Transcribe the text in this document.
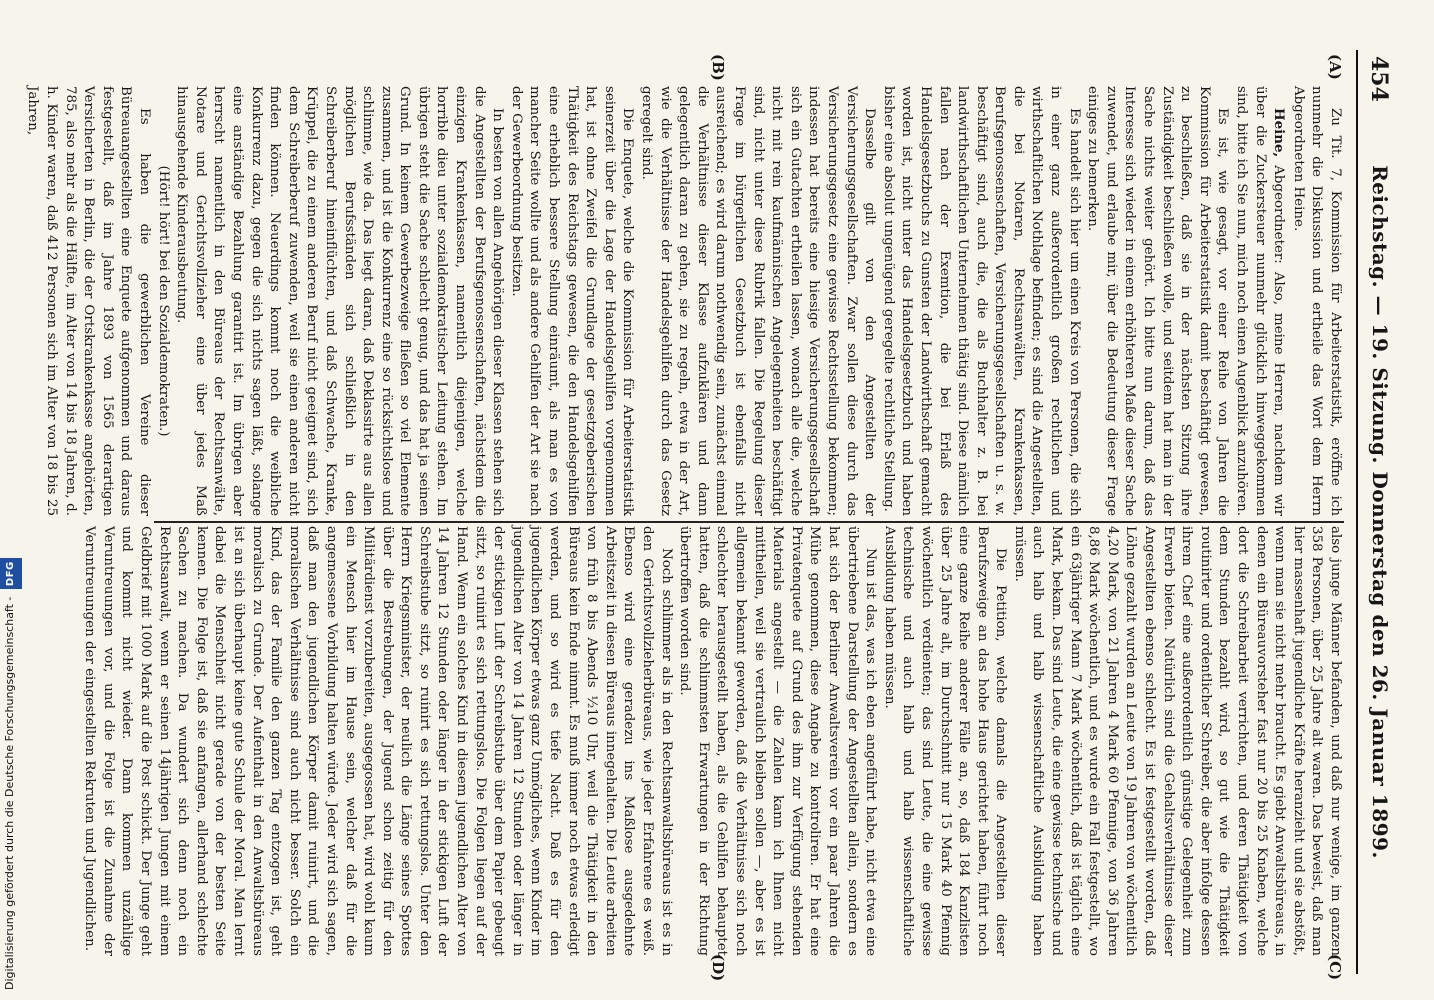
454
Reichstag. — 19. Sitzung. Donnerstag den 26. Januar 1899.
(A)
(B)
(C)
(D)

Zu Tit. 7, Kommission für Arbeiterstatistik, eröffne ich nunmehr die Diskussion und ertheile das Wort dem Herrn Abgeordneten Heine.

Heine, Abgeordneter: Also, meine Herren, nachdem wir über die Zuckersteuer nunmehr glücklich hinweggekommen sind, bitte ich Sie nun, mich noch einen Augenblick anzuhören.

Es ist, wie gesagt, vor einer Reihe von Jahren die Kommission für Arbeiterstatistik damit beschäftigt gewesen, zu beschließen, daß sie in der nächsten Sitzung ihre Zuständigkeit beschließen wolle, und seitdem hat man in der Sache nichts weiter gehört. Ich bitte nun darum, daß das Interesse sich wieder in einem erhöhteren Maße dieser Sache zuwendet, und erlaube mir, über die Bedeutung dieser Frage einiges zu bemerken.

Es handelt sich hier um einen Kreis von Personen, die sich in einer ganz außerordentlich großen rechtlichen und wirthschaftlichen Nothlage befinden; es sind die Angestellten, die bei Notaren, Rechtsanwälten, Krankenkassen, Berufsgenossenschaften, Versicherungsgesellschaften u. s. w. beschäftigt sind, auch die, die als Buchhalter z. B. bei landwirthschaftlichen Unternehmen thätig sind. Diese nämlich fallen nach der Exemtion, die bei Erlaß des Handelsgesetzbuchs zu Gunsten der Landwirthschaft gemacht worden ist, nicht unter das Handelsgesetzbuch und haben bisher eine absolut ungenügend geregelte rechtliche Stellung.

Dasselbe gilt von den Angestellten der Versicherungsgesellschaften. Zwar sollen diese durch das Versicherungsgesetz eine gewisse Rechtsstellung bekommen; indessen hat bereits eine hiesige Versicherungsgesellschaft sich ein Gutachten ertheilen lassen, wonach alle die, welche nicht mit rein kaufmännischen Angelegenheiten beschäftigt sind, nicht unter diese Rubrik fallen. Die Regelung dieser Frage im bürgerlichen Gesetzbuch ist ebenfalls nicht ausreichend; es wird darum nothwendig sein, zunächst einmal die Verhältnisse dieser Klasse aufzuklären und dann gelegentlich daran zu gehen, sie zu regeln, etwa in der Art, wie die Verhältnisse der Handelsgehilfen durch das Gesetz geregelt sind.

Die Enquete, welche die Kommission für Arbeiterstatistik seinerzeit über die Lage der Handelsgehilfen vorgenommen hat, ist ohne Zweifel die Grundlage der gesetzgeberischen Thätigkeit des Reichstags gewesen, die den Handelsgehilfen eine erheblich bessere Stellung einräumt, als man es von mancher Seite wollte und als andere Gehilfen der Art sie nach der Gewerbeordnung besitzen.

In besten von allen Angehörigen dieser Klassen stehen sich die Angestellten der Berufsgenossenschaften, nächstdem die einzigen Krankenkassen, namentlich diejenigen, welche horrible dieu unter sozialdemokratischer Leitung stehen. Im übrigen steht die Sache schlecht genug, und das hat ja seinen Grund. In keinem Gewerbezweige fließen so viel Elemente zusammen, und ist die Konkurrenz eine so rücksichtslose und schlimme, wie da. Das liegt daran, daß Deklassirte aus allen möglichen Berufsständen sich schließlich in den Schreiberberuf hineinflüchten, und daß Schwache, Kranke, Krüppel, die zu einem anderen Beruf nicht geeignet sind, sich dem Schreiberberuf zuwenden, weil sie einen anderen nicht finden können. Neuerdings kommt noch die weibliche Konkurrenz dazu, gegen die sich nichts sagen läßt, solange eine anständige Bezahlung garantirt ist. Im übrigen aber herrscht namentlich in den Büreaus der Rechtsanwälte, Notare und Gerichtsvollzieher eine über jedes Maß hinausgehende Kinderausbeutung.

(Hört! hört! bei den Sozialdemokraten.)

Es haben die gewerblichen Vereine dieser Büreauangestellten eine Enquete aufgenommen und daraus festgestellt, daß im Jahre 1893 von 1565 derartigen Versicherten in Berlin, die der Ortskrankenkasse angehörten, 785, also mehr als die Hälfte, im Alter von 14 bis 18 Jahren, d. h. Kinder waren, daß 412 Personen sich im Alter von 18 bis 25 Jahren,

also junge Männer befanden, und daß nur wenige, im ganzen 358 Personen, über 25 Jahre alt waren. Das beweist, daß man hier massenhaft jugendliche Kräfte heranzieht und sie abstößt, wenn man sie nicht mehr braucht. Es giebt Anwaltsbüreaus, in denen ein Büreauvorsteher fast nur 20 bis 25 Knaben, welche dort die Schreibarbeit verrichten, und deren Thätigkeit von dem Stunden bezahlt wird, so gut wie die Thätigkeit routinirter und ordentlicher Schreiber, die aber infolge dessen ihrem Chef eine außerordentlich günstige Gelegenheit zum Erwerb bieten. Natürlich sind die Gehaltsverhältnisse dieser Angestellten ebenso schlecht. Es ist festgestellt worden, daß Löhne gezahlt wurden an Leute von 19 Jahren von wöchentlich 4,20 Mark, von 21 Jahren 4 Mark 60 Pfennige, von 36 Jahren 8,86 Mark wöchentlich, und es wurde ein Fall festgestellt, wo ein 63jähriger Mann 7 Mark wöchentlich, daß ist täglich eine Mark, bekam. Das sind Leute, die eine gewisse technische und auch halb und halb wissenschaftliche Ausbildung haben müssen.

Die Petition, welche damals die Angestellten dieser Berufszweige an das hohe Haus gerichtet haben, führt noch eine ganze Reihe anderer Fälle an, so, daß 184 Kanzlisten über 25 Jahre alt, im Durchschnitt nur 15 Mark 40 Pfennig wöchentlich verdienten; das sind Leute, die eine gewisse technische und auch halb und halb wissenschaftliche Ausbildung haben müssen.

Nun ist das, was ich eben angeführt habe, nicht etwa eine übertriebene Darstellung der Angestellten allein, sondern es hat sich der Berliner Anwaltsverein vor ein paar Jahren die Mühe genommen, diese Angabe zu kontroliren. Er hat eine Privatenquete auf Grund des ihm zur Verfügung stehenden Materials angestellt — die Zahlen kann ich Ihnen nicht mittheilen, weil sie vertraulich bleiben sollen —, aber es ist allgemein bekannt geworden, daß die Verhältnisse sich noch schlechter herausgestellt haben, als die Gehilfen behauptet hatten, daß die schlimmsten Erwartungen in der Richtung übertroffen worden sind.

Noch schlimmer als in den Rechtsanwaltsbüreaus ist es in den Gerichtsvollzieherbüreaus, wie jeder Erfahrene es weiß. Ebenso wird eine geradezu ins Maßlose ausgedehnte Arbeitszeit in diesen Büreaus innegehalten. Die Leute arbeiten von früh 8 bis Abends ½10 Uhr, weil die Thätigkeit in den Büreaus kein Ende nimmt. Es muß immer noch etwas erledigt werden, und so wird es tiefe Nacht. Daß es für den jugendlichen Körper etwas ganz Unmögliches, wenn Kinder im jugendlichen Alter von 14 Jahren 12 Stunden oder länger in der stickigen Luft der Schreibstube über dem Papier gebeugt sitzt, so ruinirt es sich rettungslos. Die Folgen liegen auf der Hand. Wenn ein solches Kind in diesem jugendlichen Alter von 14 Jahren 12 Stunden oder länger in der stickigen Luft der Schreibstube sitzt, so ruinirt es sich rettungslos. Unter den Herrn Kriegsminister, der neulich die Länge seines Spottes über die Bestrebungen, der Jugend schon zeitig für den Militärdienst vorzubereiten, ausgegossen hat, wird wohl kaum ein Mensch hier im Hause sein, welcher daß für die angemessene Vorbildung halten würde. Jeder wird sich sagen, daß man den jugendlichen Körper damit ruinirt, und die moralischen Verhältnisse sind auch nicht besser. Solch ein Kind, das der Familie den ganzen Tag entzogen ist, geht moralisch zu Grunde. Der Aufenthalt in den Anwaltsbüreaus ist an sich überhaupt keine gute Schule der Moral. Man lernt dabei die Menschheit nicht gerade von der besten Seite kennen. Die Folge ist, daß sie anfangen, allerhand schlechte Sachen zu machen. Da wundert sich denn noch ein Rechtsanwalt, wenn er seinen 14jährigen Jungen mit einem Geldbrief mit 1000 Mark auf die Post schickt. Der Junge geht und kommt nicht wieder. Dann kommen unzählige Veruntreuungen vor, und die Folge ist die Zunahme der Veruntreuungen der eingestellten Rekruten und Jugendlichen.

Digitalisierung gefördert durch die Deutsche Forschungsgemeinschaft - DFG
